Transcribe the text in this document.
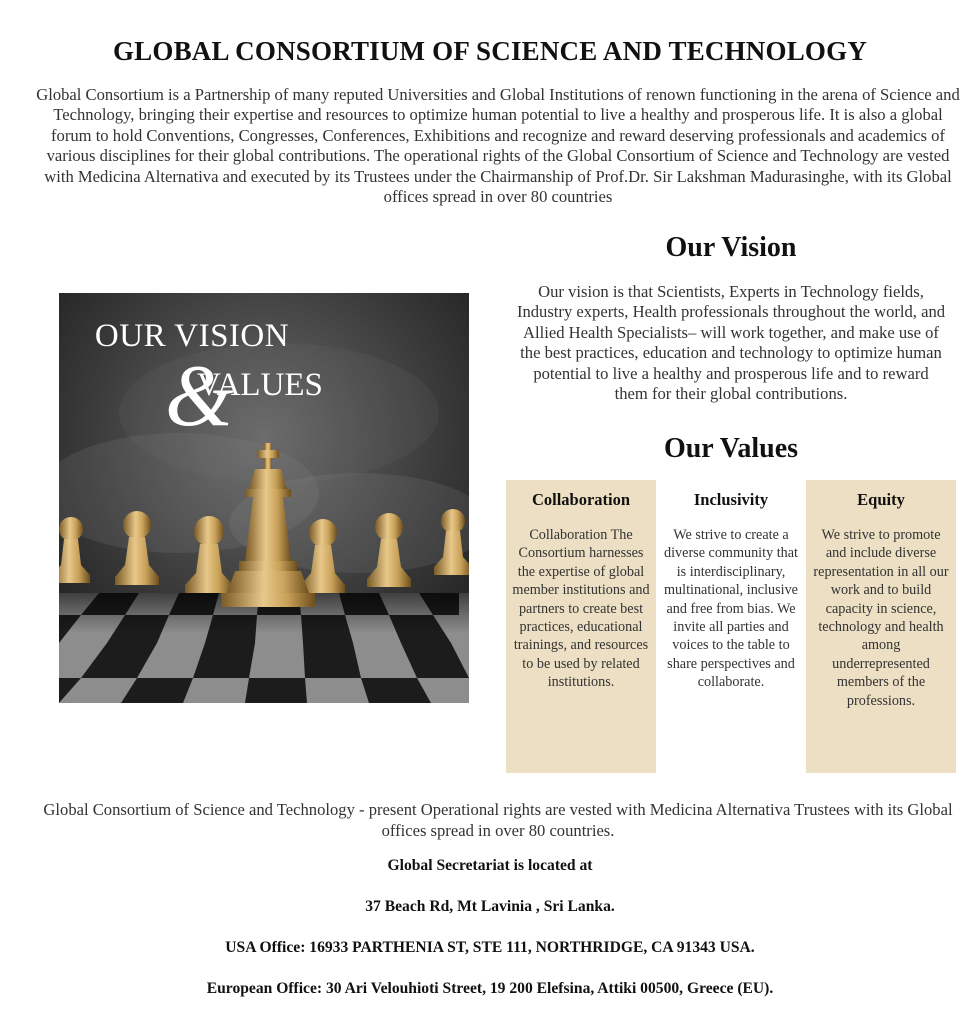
GLOBAL CONSORTIUM OF SCIENCE AND TECHNOLOGY
Global Consortium is a Partnership of many reputed Universities and Global Institutions of renown functioning in the arena of Science and Technology, bringing their expertise and resources to optimize human potential to live a healthy and prosperous life. It is also a global forum to hold Conventions, Congresses, Conferences, Exhibitions and recognize and reward deserving professionals and academics of various disciplines for their global contributions. The operational rights of the Global Consortium of Science and Technology are vested with Medicina Alternativa and executed by its Trustees under the Chairmanship of Prof.Dr. Sir Lakshman Madurasinghe, with its Global offices spread in over 80 countries
OUR VISION
&
VALUES
Our Vision
Our vision is that Scientists, Experts in Technology fields, Industry experts, Health professionals throughout the world, and Allied Health Specialists– will work together, and make use of the best practices, education and technology to optimize human potential to live a healthy and prosperous life and to reward them for their global contributions.
Our Values
Collaboration
Collaboration The Consortium harnesses the expertise of global member institutions and partners to create best practices, educational trainings, and resources to be used by related institutions.
Inclusivity
We strive to create a diverse community that is interdisciplinary, multinational, inclusive and free from bias. We invite all parties and voices to the table to share perspectives and collaborate.
Equity
We strive to promote and include diverse representation in all our work and to build capacity in science, technology and health among underrepresented members of the professions.
Global Consortium of Science and Technology - present Operational rights are vested with Medicina Alternativa Trustees with its Global offices spread in over 80 countries.
Global Secretariat is located at
37 Beach Rd, Mt Lavinia , Sri Lanka.
USA Office: 16933 PARTHENIA ST, STE 111, NORTHRIDGE, CA 91343 USA.
European Office: 30 Ari Velouhioti Street, 19 200 Elefsina, Attiki 00500, Greece (EU).
